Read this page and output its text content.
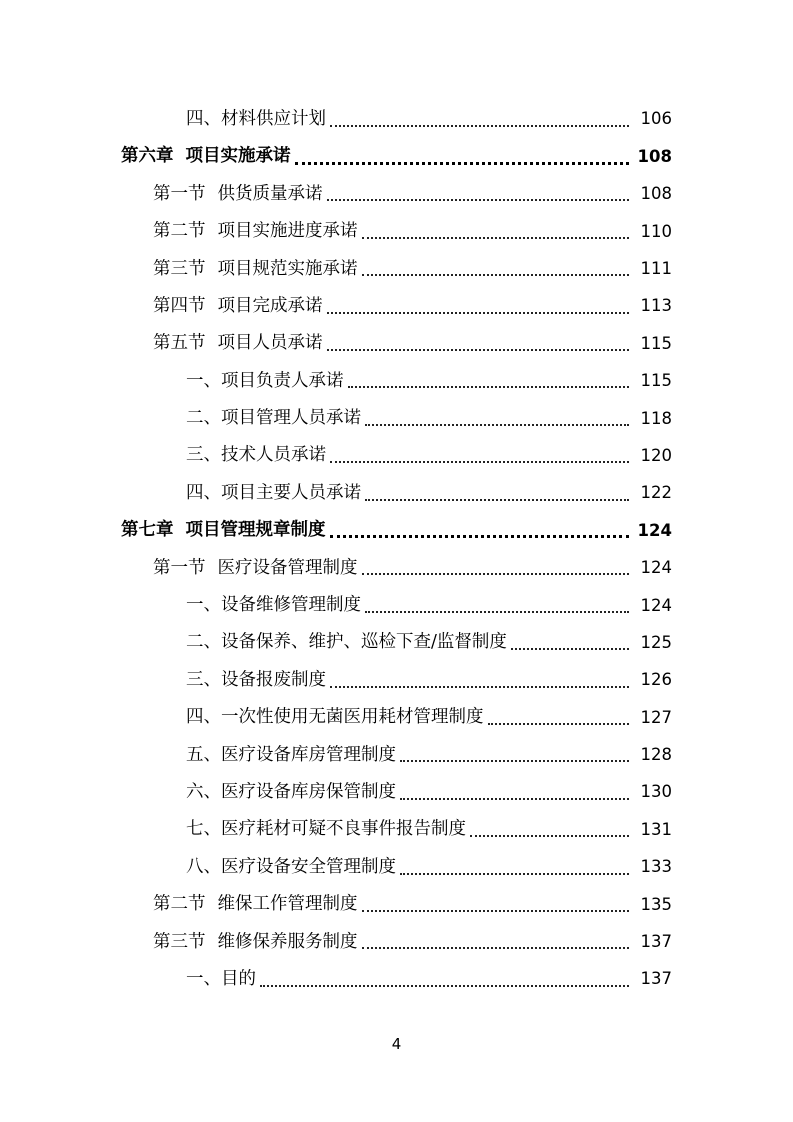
四、材料供应计划	106
第六章 项目实施承诺	108
第一节 供货质量承诺	108
第二节 项目实施进度承诺	110
第三节 项目规范实施承诺	111
第四节 项目完成承诺	113
第五节 项目人员承诺	115
一、项目负责人承诺	115
二、项目管理人员承诺	118
三、技术人员承诺	120
四、项目主要人员承诺	122
第七章 项目管理规章制度	124
第一节 医疗设备管理制度	124
一、设备维修管理制度	124
二、设备保养、维护、巡检下查/监督制度	125
三、设备报废制度	126
四、一次性使用无菌医用耗材管理制度	127
五、医疗设备库房管理制度	128
六、医疗设备库房保管制度	130
七、医疗耗材可疑不良事件报告制度	131
八、医疗设备安全管理制度	133
第二节 维保工作管理制度	135
第三节 维修保养服务制度	137
一、目的	137
4
